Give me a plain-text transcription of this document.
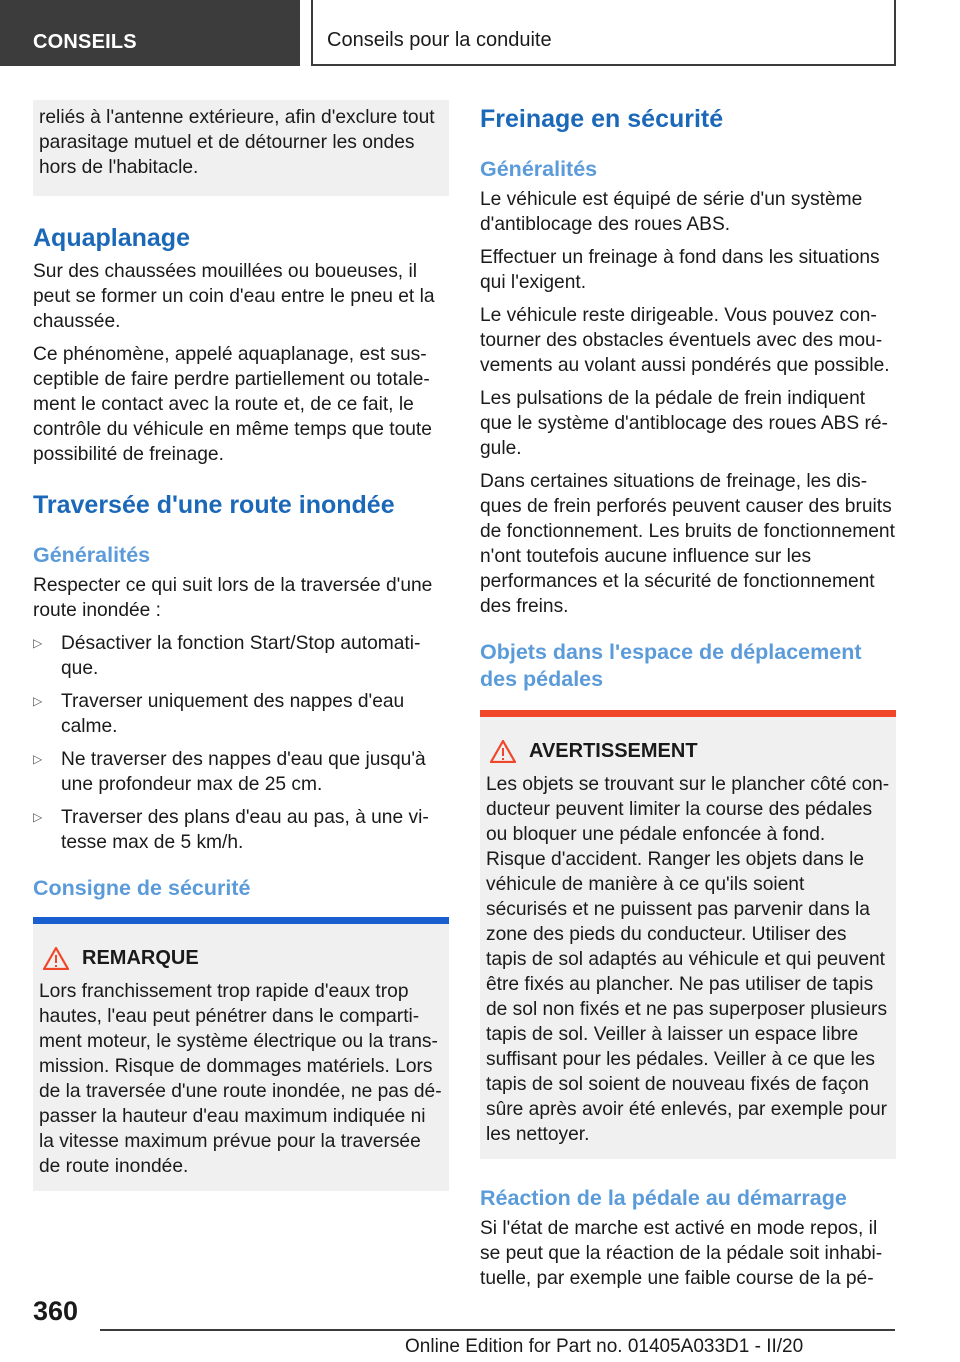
CONSEILS	Conseils pour la conduite

reliés à l'antenne extérieure, afin d'exclure tout parasitage mutuel et de détourner les ondes hors de l'habitacle.

Aquaplanage

Sur des chaussées mouillées ou boueuses, il peut se former un coin d'eau entre le pneu et la chaussée.

Ce phénomène, appelé aquaplanage, est susceptible de faire perdre partiellement ou totalement le contact avec la route et, de ce fait, le contrôle du véhicule en même temps que toute possibilité de freinage.

Traversée d'une route inondée
Généralités

Respecter ce qui suit lors de la traversée d'une route inondée :

▷ Désactiver la fonction Start/Stop automatique.
▷ Traverser uniquement des nappes d'eau calme.
▷ Ne traverser des nappes d'eau que jusqu'à une profondeur max de 25 cm.
▷ Traverser des plans d'eau au pas, à une vitesse max de 5 km/h.
Consigne de sécurité
REMARQUE

Lors franchissement trop rapide d'eaux trop hautes, l'eau peut pénétrer dans le compartiment moteur, le système électrique ou la transmission. Risque de dommages matériels. Lors de la traversée d'une route inondée, ne pas dépasser la hauteur d'eau maximum indiquée ni la vitesse maximum prévue pour la traversée de route inondée.

Freinage en sécurité
Généralités

Le véhicule est équipé de série d'un système d'antiblocage des roues ABS.

Effectuer un freinage à fond dans les situations qui l'exigent.

Le véhicule reste dirigeable. Vous pouvez contourner des obstacles éventuels avec des mouvements au volant aussi pondérés que possible.

Les pulsations de la pédale de frein indiquent que le système d'antiblocage des roues ABS régule.

Dans certaines situations de freinage, les disques de frein perforés peuvent causer des bruits de fonctionnement. Les bruits de fonctionnement n'ont toutefois aucune influence sur les performances et la sécurité de fonctionnement des freins.

Objets dans l'espace de déplacement des pédales
AVERTISSEMENT

Les objets se trouvant sur le plancher côté conducteur peuvent limiter la course des pédales ou bloquer une pédale enfoncée à fond. Risque d'accident. Ranger les objets dans le véhicule de manière à ce qu'ils soient sécurisés et ne puissent pas parvenir dans la zone des pieds du conducteur. Utiliser des tapis de sol adaptés au véhicule et qui peuvent être fixés au plancher. Ne pas utiliser de tapis de sol non fixés et ne pas superposer plusieurs tapis de sol. Veiller à laisser un espace libre suffisant pour les pédales. Veiller à ce que les tapis de sol soient de nouveau fixés de façon sûre après avoir été enlevés, par exemple pour les nettoyer.

Réaction de la pédale au démarrage

Si l'état de marche est activé en mode repos, il se peut que la réaction de la pédale soit inhabituelle, par exemple une faible course de la pé-

360
Online Edition for Part no. 01405A033D1 - II/20
